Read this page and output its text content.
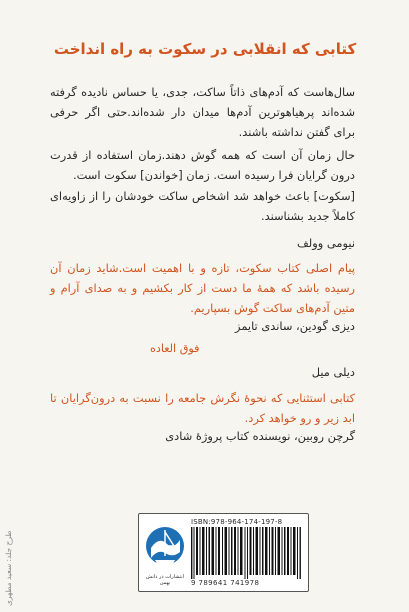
کتابی که انقلابی در سکوت به راه انداخت

سال‌هاست که آدم‌های ذاتاً ساکت، جدی، یا حساس نادیده گرفته شده‌اند پرهیاهوترین آدم‌ها میدان دار شده‌اند.حتی اگر حرفی برای گفتن نداشته باشند.

حال زمان آن است که همه گوش دهند.زمان استفاده از قدرت درون گرایان فرا رسیده است. زمان [خواندن] سکوت است.

[سکوت] باعث خواهد شد اشخاص ساکت خودشان را از زاویه‌ای کاملاً جدید بشناسند.

نیومی وولف

پیام اصلی کتاب سکوت، تازه و با اهمیت است.شاید زمان آن رسیده باشد که همهٔ ما دست از کار بکشیم و به صدای آرام و متین آدم‌های ساکت گوش بسپاریم.

دیزی گودین، ساندی تایمز
فوق العاده
دیلی میل

کتابی استثنایی که نحوهٔ نگرش جامعه را نسبت به درون‌گرایان تا ابد زیر و رو خواهد کرد.

گرچن روبین، نویسنده کتاب پروژهٔ شادی
طرح جلد: سعید مطهری	انتشارات در دانش بهمن
ISBN:978-964-174-197-8
9 789641 741978
